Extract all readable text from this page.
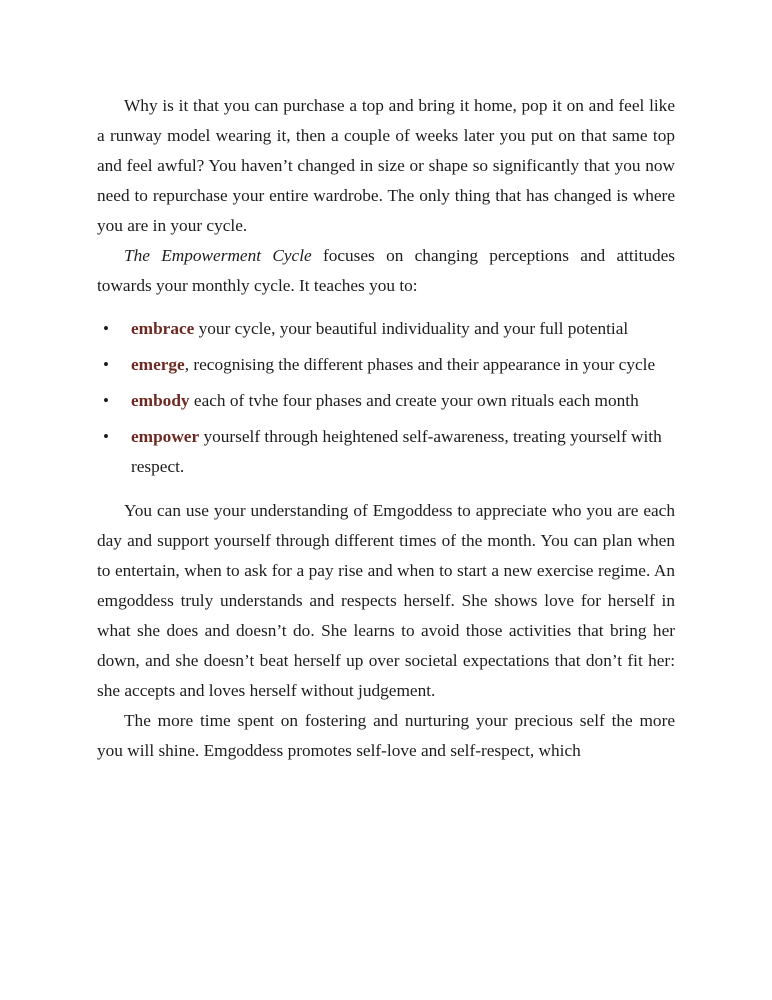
Why is it that you can purchase a top and bring it home, pop it on and feel like a runway model wearing it, then a couple of weeks later you put on that same top and feel awful? You haven’t changed in size or shape so significantly that you now need to repurchase your entire wardrobe. The only thing that has changed is where you are in your cycle.

The Empowerment Cycle focuses on changing perceptions and attitudes towards your monthly cycle. It teaches you to:

• embrace your cycle, your beautiful individuality and your full potential
• emerge, recognising the different phases and their appearance in your cycle
• embody each of tvhe four phases and create your own rituals each month
• empower yourself through heightened self-awareness, treating yourself with respect.

You can use your understanding of Emgoddess to appreciate who you are each day and support yourself through different times of the month. You can plan when to entertain, when to ask for a pay rise and when to start a new exercise regime. An emgoddess truly understands and respects herself. She shows love for herself in what she does and doesn’t do. She learns to avoid those activities that bring her down, and she doesn’t beat herself up over societal expectations that don’t fit her: she accepts and loves herself without judgement.

The more time spent on fostering and nurturing your precious self the more you will shine. Emgoddess promotes self-love and self-respect, which
